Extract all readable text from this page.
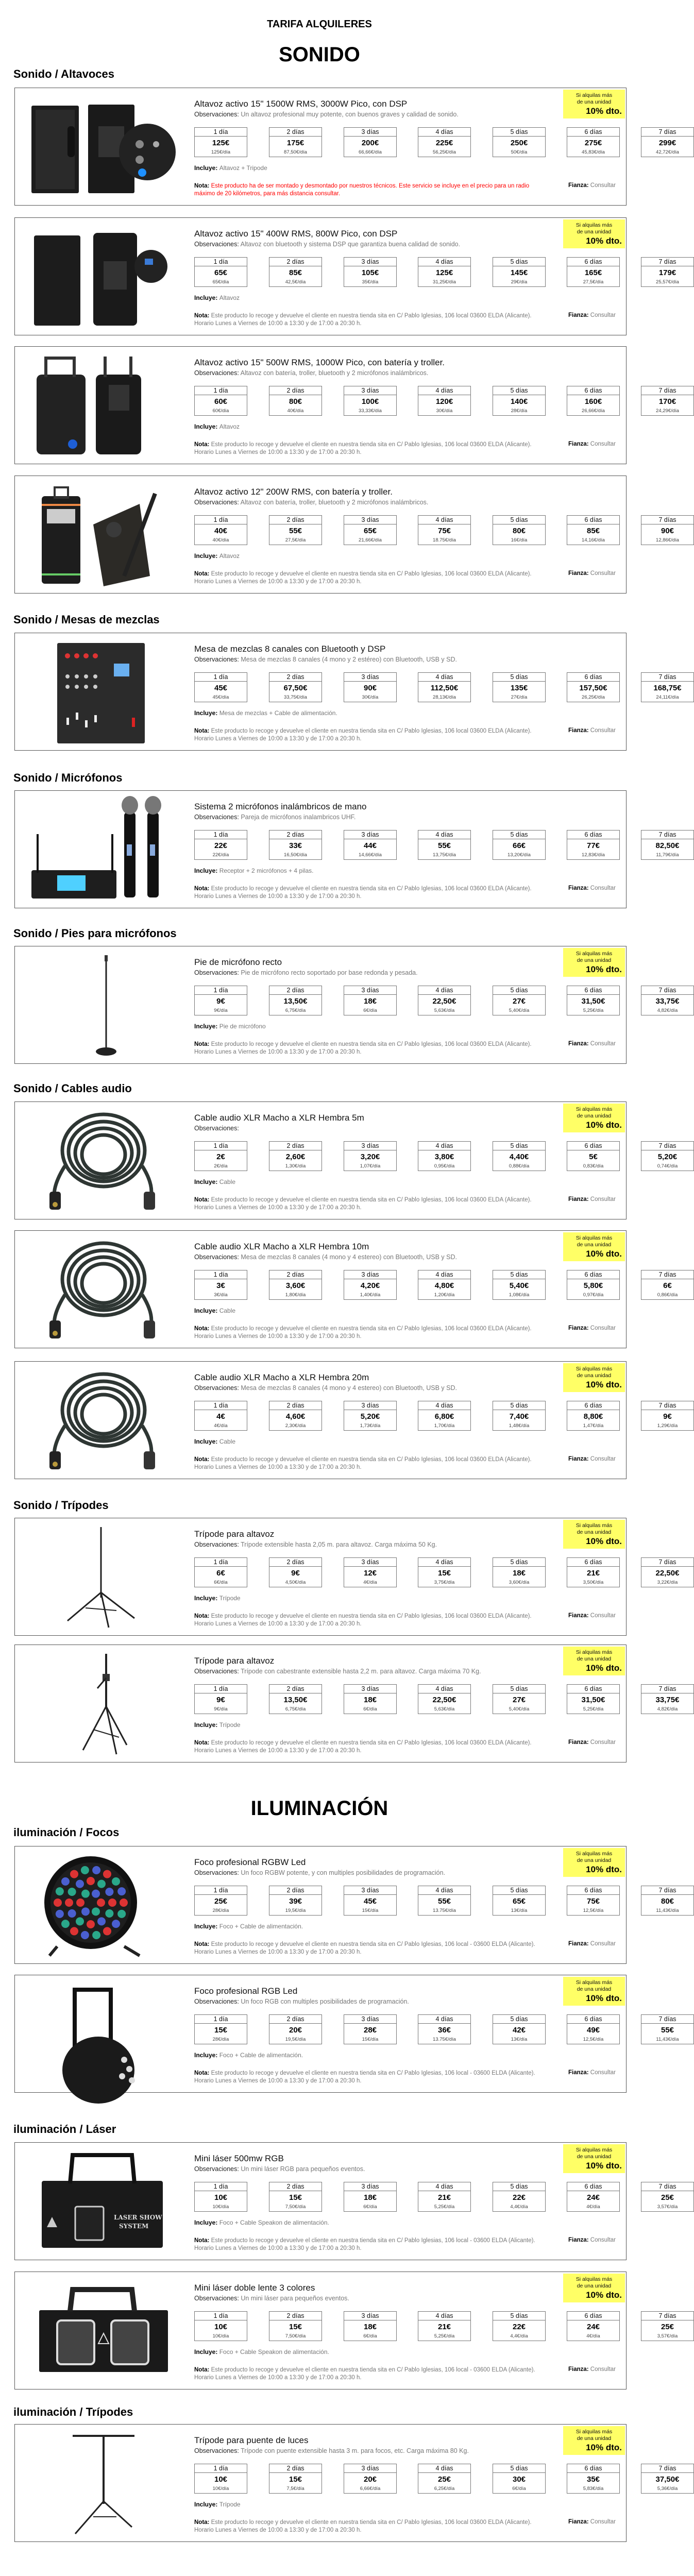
TARIFA ALQUILERES
SONIDO
ILUMINACIÓN
Sonido / Altavoces
Sonido / Mesas de mezclas
Sonido / Micrófonos
Sonido / Pies para micrófonos
Sonido / Cables audio
Sonido / Trípodes
iluminación / Focos
iluminación / Láser
iluminación / Trípodes
Altavoz activo 15" 1500W RMS, 3000W Pico, con DSP
Observaciones: Un altavoz profesional muy potente, con buenos graves y calidad de sonido.
1 día
125€
125€/día
2 días
175€
87,50€/día
3 días
200€
66,66€/día
4 días
225€
56,25€/día
5 días
250€
50€/día
6 días
275€
45,83€/día
7 días
299€
42,72€/día
Incluye: Altavoz + Tripode
Nota: Este producto ha de ser montado y desmontado por nuestros técnicos. Este servicio se incluye en el precio para un radio máximo de 20 kilómetros, para más distancia consultar.
Fianza: Consultar
Si alquilas más
de una unidad
10% dto.
Altavoz activo 15" 400W RMS, 800W Pico, con DSP
Observaciones: Altavoz con bluetooth y sistema DSP que garantiza buena calidad de sonido.
1 día
65€
65€/día
2 días
85€
42,5€/día
3 días
105€
35€/día
4 días
125€
31,25€/día
5 días
145€
29€/día
6 días
165€
27,5€/día
7 días
179€
25,57€/día
Incluye: Altavoz
Nota: Este producto lo recoge y devuelve el cliente en nuestra tienda sita en C/ Pablo Iglesias, 106 local 03600 ELDA (Alicante). Horario Lunes a Viernes de 10:00 a 13:30 y de 17:00 a 20:30 h.
Fianza: Consultar
Si alquilas más
de una unidad
10% dto.
Altavoz activo 15" 500W RMS, 1000W Pico, con batería y troller.
Observaciones: Altavoz con batería, troller, bluetooth y 2 micrófonos inalámbricos.
1 día
60€
60€/día
2 días
80€
40€/día
3 días
100€
33,33€/día
4 días
120€
30€/día
5 días
140€
28€/día
6 días
160€
26,66€/día
7 días
170€
24,29€/día
Incluye: Altavoz
Nota: Este producto lo recoge y devuelve el cliente en nuestra tienda sita en C/ Pablo Iglesias, 106 local 03600 ELDA (Alicante). Horario Lunes a Viernes de 10:00 a 13:30 y de 17:00 a 20:30 h.
Fianza: Consultar
Altavoz activo 12" 200W RMS, con batería y troller.
Observaciones: Altavoz con batería, troller, bluetooth y 2 micrófonos inalámbricos.
1 día
40€
40€/día
2 días
55€
27,5€/día
3 días
65€
21,66€/día
4 días
75€
18.75€/día
5 días
80€
16€/día
6 días
85€
14,16€/día
7 días
90€
12,86€/día
Incluye: Altavoz
Nota: Este producto lo recoge y devuelve el cliente en nuestra tienda sita en C/ Pablo Iglesias, 106 local 03600 ELDA (Alicante). Horario Lunes a Viernes de 10:00 a 13:30 y de 17:00 a 20:30 h.
Fianza: Consultar
Mesa de mezclas 8 canales con Bluetooth y DSP
Observaciones: Mesa de mezclas 8 canales (4 mono y 2 estéreo) con Bluetooth, USB y SD.
1 día
45€
45€/día
2 días
67,50€
33,75€/día
3 días
90€
30€/día
4 días
112,50€
28,13€/día
5 días
135€
27€/día
6 días
157,50€
26,25€/día
7 días
168,75€
24,11€/día
Incluye: Mesa de mezclas + Cable de alimentación.
Nota: Este producto lo recoge y devuelve el cliente en nuestra tienda sita en C/ Pablo Iglesias, 106 local 03600 ELDA (Alicante). Horario Lunes a Viernes de 10:00 a 13:30 y de 17:00 a 20:30 h.
Fianza: Consultar
Sistema 2 micrófonos inalámbricos de mano
Observaciones: Pareja de micrófonos inalambricos UHF.
1 día
22€
22€/día
2 días
33€
16,50€/día
3 días
44€
14,66€/día
4 días
55€
13,75€/día
5 días
66€
13,20€/día
6 días
77€
12,83€/día
7 días
82,50€
11,79€/día
Incluye: Receptor + 2 micrófonos + 4 pilas.
Nota: Este producto lo recoge y devuelve el cliente en nuestra tienda sita en C/ Pablo Iglesias, 106 local 03600 ELDA (Alicante). Horario Lunes a Viernes de 10:00 a 13:30 y de 17:00 a 20:30 h.
Fianza: Consultar
Pie de micrófono recto
Observaciones: Pie de micrófono recto soportado por base redonda y pesada.
1 día
9€
9€/día
2 días
13,50€
6,75€/día
3 días
18€
6€/día
4 días
22,50€
5,63€/día
5 días
27€
5,40€/día
6 días
31,50€
5,25€/día
7 días
33,75€
4,82€/día
Incluye: Pie de micrófono
Nota: Este producto lo recoge y devuelve el cliente en nuestra tienda sita en C/ Pablo Iglesias, 106 local 03600 ELDA (Alicante). Horario Lunes a Viernes de 10:00 a 13:30 y de 17:00 a 20:30 h.
Fianza: Consultar
Si alquilas más
de una unidad
10% dto.
Cable audio XLR Macho a XLR Hembra 5m
Observaciones:
1 día
2€
2€/día
2 días
2,60€
1,30€/día
3 días
3,20€
1,07€/día
4 días
3,80€
0,95€/día
5 días
4,40€
0,88€/día
6 días
5€
0,83€/día
7 días
5,20€
0,74€/día
Incluye: Cable
Nota: Este producto lo recoge y devuelve el cliente en nuestra tienda sita en C/ Pablo Iglesias, 106 local 03600 ELDA (Alicante). Horario Lunes a Viernes de 10:00 a 13:30 y de 17:00 a 20:30 h.
Fianza: Consultar
Si alquilas más
de una unidad
10% dto.
Cable audio XLR Macho a XLR Hembra 10m
Observaciones: Mesa de mezclas 8 canales (4 mono y 4 estereo) con Bluetooth, USB y SD.
1 día
3€
3€/día
2 días
3,60€
1,80€/día
3 días
4,20€
1,40€/día
4 días
4,80€
1,20€/día
5 días
5,40€
1,08€/día
6 días
5,80€
0,97€/día
7 días
6€
0,86€/día
Incluye: Cable
Nota: Este producto lo recoge y devuelve el cliente en nuestra tienda sita en C/ Pablo Iglesias, 106 local 03600 ELDA (Alicante). Horario Lunes a Viernes de 10:00 a 13:30 y de 17:00 a 20:30 h.
Fianza: Consultar
Si alquilas más
de una unidad
10% dto.
Cable audio XLR Macho a XLR Hembra 20m
Observaciones: Mesa de mezclas 8 canales (4 mono y 4 estereo) con Bluetooth, USB y SD.
1 día
4€
4€/día
2 días
4,60€
2,30€/día
3 días
5,20€
1,73€/día
4 días
6,80€
1,70€/día
5 días
7,40€
1,48€/día
6 días
8,80€
1,47€/día
7 días
9€
1,29€/día
Incluye: Cable
Nota: Este producto lo recoge y devuelve el cliente en nuestra tienda sita en C/ Pablo Iglesias, 106 local 03600 ELDA (Alicante). Horario Lunes a Viernes de 10:00 a 13:30 y de 17:00 a 20:30 h.
Fianza: Consultar
Si alquilas más
de una unidad
10% dto.
Trípode para altavoz
Observaciones: Trípode extensible hasta 2,05 m. para altavoz. Carga máxima 50 Kg.
1 día
6€
6€/día
2 días
9€
4,50€/día
3 días
12€
4€/día
4 días
15€
3,75€/día
5 días
18€
3,60€/día
6 días
21€
3,50€/día
7 días
22,50€
3,22€/día
Incluye: Trípode
Nota: Este producto lo recoge y devuelve el cliente en nuestra tienda sita en C/ Pablo Iglesias, 106 local 03600 ELDA (Alicante). Horario Lunes a Viernes de 10:00 a 13:30 y de 17:00 a 20:30 h.
Fianza: Consultar
Si alquilas más
de una unidad
10% dto.
Trípode para altavoz
Observaciones: Trípode con cabestrante extensible hasta 2,2 m. para altavoz. Carga máxima 70 Kg.
1 día
9€
9€/día
2 días
13,50€
6,75€/día
3 días
18€
6€/día
4 días
22,50€
5,63€/día
5 días
27€
5,40€/día
6 días
31,50€
5,25€/día
7 días
33,75€
4,82€/día
Incluye: Trípode
Nota: Este producto lo recoge y devuelve el cliente en nuestra tienda sita en C/ Pablo Iglesias, 106 local 03600 ELDA (Alicante). Horario Lunes a Viernes de 10:00 a 13:30 y de 17:00 a 20:30 h.
Fianza: Consultar
Si alquilas más
de una unidad
10% dto.
Foco profesional RGBW Led
Observaciones: Un foco RGBW potente, y con multiples posibilidades de programación.
1 día
25€
28€/día
2 días
39€
19,5€/día
3 días
45€
15€/día
4 días
55€
13.75€/día
5 días
65€
13€/día
6 días
75€
12,5€/día
7 días
80€
11,43€/día
Incluye: Foco + Cable de alimentación.
Nota: Este producto lo recoge y devuelve el cliente en nuestra tienda sita en C/ Pablo Iglesias, 106 local - 03600 ELDA (Alicante). Horario Lunes a Viernes de 10:00 a 13:30 y de 17:00 a 20:30 h.
Fianza: Consultar
Si alquilas más
de una unidad
10% dto.
Foco profesional RGB Led
Observaciones: Un foco RGB con multiples posibilidades de programación.
1 día
15€
28€/día
2 días
20€
19,5€/día
3 días
28€
15€/día
4 días
36€
13.75€/día
5 días
42€
13€/día
6 días
49€
12,5€/día
7 días
55€
11,43€/día
Incluye: Foco + Cable de alimentación.
Nota: Este producto lo recoge y devuelve el cliente en nuestra tienda sita en C/ Pablo Iglesias, 106 local - 03600 ELDA (Alicante). Horario Lunes a Viernes de 10:00 a 13:30 y de 17:00 a 20:30 h.
Fianza: Consultar
Si alquilas más
de una unidad
10% dto.
LASER SHOW
SYSTEM
Mini láser 500mw RGB
Observaciones: Un mini láser RGB para pequeños eventos.
1 día
10€
10€/día
2 días
15€
7,50€/día
3 días
18€
6€/día
4 días
21€
5,25€/día
5 días
22€
4,4€/día
6 días
24€
4€/día
7 días
25€
3,57€/día
Incluye: Foco + Cable Speakon de alimentación.
Nota: Este producto lo recoge y devuelve el cliente en nuestra tienda sita en C/ Pablo Iglesias, 106 local - 03600 ELDA (Alicante). Horario Lunes a Viernes de 10:00 a 13:30 y de 17:00 a 20:30 h.
Fianza: Consultar
Si alquilas más
de una unidad
10% dto.
Mini láser doble lente 3 colores
Observaciones: Un mini láser para pequeños eventos.
1 día
10€
10€/día
2 días
15€
7,50€/día
3 días
18€
6€/día
4 días
21€
5,25€/día
5 días
22€
4,4€/día
6 días
24€
4€/día
7 días
25€
3,57€/día
Incluye: Foco + Cable Speakon de alimentación.
Nota: Este producto lo recoge y devuelve el cliente en nuestra tienda sita en C/ Pablo Iglesias, 106 local - 03600 ELDA (Alicante). Horario Lunes a Viernes de 10:00 a 13:30 y de 17:00 a 20:30 h.
Fianza: Consultar
Si alquilas más
de una unidad
10% dto.
Trípode para puente de luces
Observaciones: Trípode con puente extensible hasta 3 m. para focos, etc. Carga máxima 80 Kg.
1 día
10€
10€/día
2 días
15€
7,5€/día
3 días
20€
6,66€/día
4 días
25€
6,25€/día
5 días
30€
6€/día
6 días
35€
5,83€/día
7 días
37,50€
5,36€/día
Incluye: Trípode
Nota: Este producto lo recoge y devuelve el cliente en nuestra tienda sita en C/ Pablo Iglesias, 106 local 03600 ELDA (Alicante). Horario Lunes a Viernes de 10:00 a 13:30 y de 17:00 a 20:30 h.
Fianza: Consultar
Si alquilas más
de una unidad
10% dto.
